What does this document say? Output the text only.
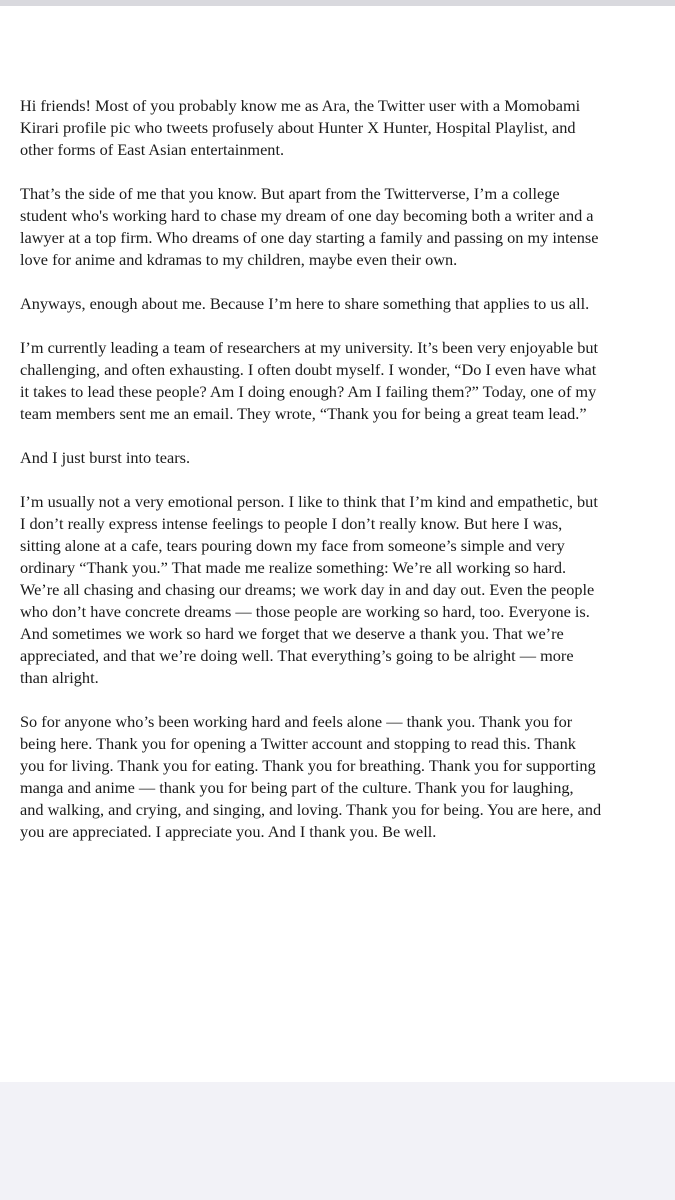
Hi friends! Most of you probably know me as Ara, the Twitter user with a Momobami
Kirari profile pic who tweets profusely about Hunter X Hunter, Hospital Playlist, and
other forms of East Asian entertainment.

That’s the side of me that you know. But apart from the Twitterverse, I’m a college
student who's working hard to chase my dream of one day becoming both a writer and a
lawyer at a top firm. Who dreams of one day starting a family and passing on my intense
love for anime and kdramas to my children, maybe even their own.

Anyways, enough about me. Because I’m here to share something that applies to us all.

I’m currently leading a team of researchers at my university. It’s been very enjoyable but
challenging, and often exhausting. I often doubt myself. I wonder, “Do I even have what
it takes to lead these people? Am I doing enough? Am I failing them?” Today, one of my
team members sent me an email. They wrote, “Thank you for being a great team lead.”

And I just burst into tears.

I’m usually not a very emotional person. I like to think that I’m kind and empathetic, but
I don’t really express intense feelings to people I don’t really know. But here I was,
sitting alone at a cafe, tears pouring down my face from someone’s simple and very
ordinary “Thank you.” That made me realize something: We’re all working so hard.
We’re all chasing and chasing our dreams; we work day in and day out. Even the people
who don’t have concrete dreams — those people are working so hard, too. Everyone is.
And sometimes we work so hard we forget that we deserve a thank you. That we’re
appreciated, and that we’re doing well. That everything’s going to be alright — more
than alright.

So for anyone who’s been working hard and feels alone — thank you. Thank you for
being here. Thank you for opening a Twitter account and stopping to read this. Thank
you for living. Thank you for eating. Thank you for breathing. Thank you for supporting
manga and anime — thank you for being part of the culture. Thank you for laughing,
and walking, and crying, and singing, and loving. Thank you for being. You are here, and
you are appreciated. I appreciate you. And I thank you. Be well.
